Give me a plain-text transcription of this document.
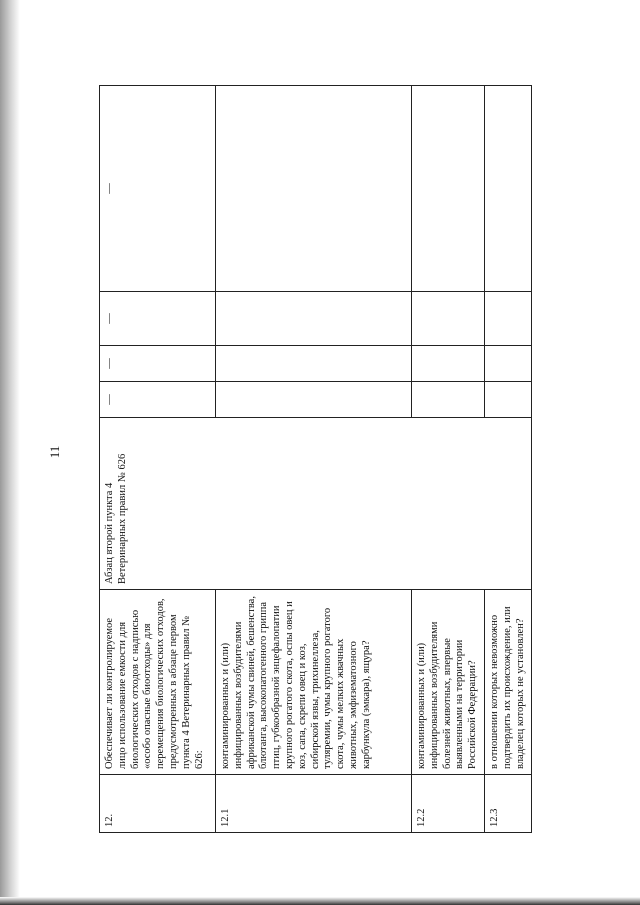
11
12.	Обеспечивает ли контролируемое лицо использование емкости для биологических отходов с надписью «особо опасные биоотходы» для перемещения биологических отходов, предусмотренных в абзаце первом пункта 4 Ветеринарных правил № 626:	Абзац второй пункта 4 Ветеринарных правил № 626	—	—	—	—
12.1	контаминированных и (или) инфицированных возбудителями африканской чумы свиней, бешенства, блютанга, высокопатогенного гриппа птиц, губкообразной энцефалопатии крупного рогатого скота, оспы овец и коз, сапа, скрепи овец и коз, сибирской язвы, трихинеллеза, туляремии, чумы крупного рогатого скота, чумы мелких жвачных животных, эмфизематозного карбункула (эмкара), ящура?					
12.2	контаминированных и (или) инфицированных возбудителями болезней животных, впервые выявленными на территории Российской Федерации?					
12.3	в отношении которых невозможно подтвердить их происхождение, или владелец которых не установлен?					
